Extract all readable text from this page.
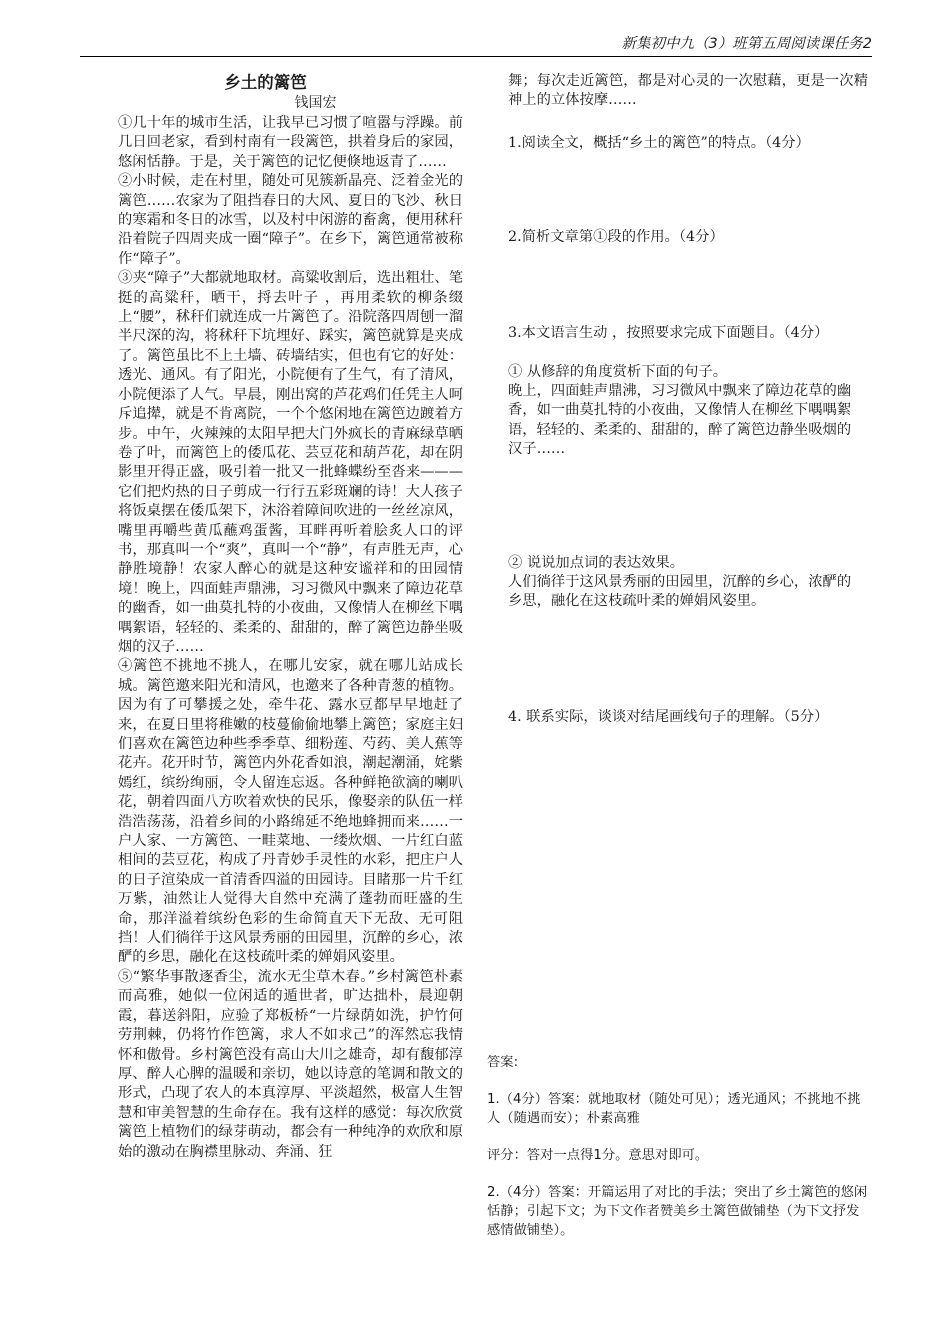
新集初中九（3）班第五周阅读课任务2

乡土的篱笆

钱国宏

①几十年的城市生活，让我早已习惯了喧嚣与浮躁。前几日回老家，看到村南有一段篱笆，拱着身后的家园，悠闲恬静。于是，关于篱笆的记忆便倏地返青了……

②小时候，走在村里，随处可见簇新晶亮、泛着金光的篱笆……农家为了阻挡春日的大风、夏日的飞沙、秋日的寒霜和冬日的冰雪，以及村中闲游的畜禽，便用秫秆沿着院子四周夹成一圈“障子”。在乡下，篱笆通常被称作“障子”。

③夹“障子”大都就地取材。高粱收割后，选出粗壮、笔挺的高粱秆，晒干，捋去叶子 ，再用柔软的柳条缀上“腰”，秫秆们就连成一片篱笆了。沿院落四周刨一溜半尺深的沟，将秫秆下坑埋好、踩实，篱笆就算是夹成了。篱笆虽比不上土墙、砖墙结实，但也有它的好处：透光、通风。有了阳光，小院便有了生气，有了清风，小院便添了人气。早晨，刚出窝的芦花鸡们任凭主人呵斥追撵，就是不肯离院，一个个悠闲地在篱笆边踱着方步。中午，火辣辣的太阳早把大门外疯长的青麻绿草晒卷了叶，而篱笆上的倭瓜花、芸豆花和葫芦花，却在阴影里开得正盛，吸引着一批又一批蜂蝶纷至沓来———它们把灼热的日子剪成一行行五彩斑斓的诗！大人孩子将饭桌摆在倭瓜架下，沐浴着障间吹进的一丝丝凉风，嘴里再嚼些黄瓜蘸鸡蛋酱，耳畔再听着脍炙人口的评书，那真叫一个“爽”，真叫一个“静”，有声胜无声，心静胜境静！农家人醉心的就是这种安谧祥和的田园情境！晚上，四面蛙声鼎沸，习习微风中飘来了障边花草的幽香，如一曲莫扎特的小夜曲，又像情人在柳丝下喁喁絮语，轻轻的、柔柔的、甜甜的，醉了篱笆边静坐吸烟的汉子……

④篱笆不挑地不挑人，在哪儿安家，就在哪儿站成长城。篱笆邀来阳光和清风，也邀来了各种青葱的植物。因为有了可攀援之处，牵牛花、露水豆都早早地赶了来，在夏日里将稚嫩的枝蔓偷偷地攀上篱笆；家庭主妇们喜欢在篱笆边种些季季草、细粉莲、芍药、美人蕉等花卉。花开时节，篱笆内外花香如浪，潮起潮涌，姹紫嫣红，缤纷绚丽，令人留连忘返。各种鲜艳欲滴的喇叭花，朝着四面八方吹着欢快的民乐，像娶亲的队伍一样浩浩荡荡，沿着乡间的小路绵延不绝地蜂拥而来……一户人家、一方篱笆、一畦菜地、一缕炊烟、一片红白蓝相间的芸豆花，构成了丹青妙手灵性的水彩，把庄户人的日子渲染成一首清香四溢的田园诗。目睹那一片千红万紫，油然让人觉得大自然中充满了蓬勃而旺盛的生命，那洋溢着缤纷色彩的生命简直天下无敌、无可阻挡！人们徜徉于这风景秀丽的田园里，沉醉的乡心，浓酽的乡思，融化在这枝疏叶柔的婵娟风姿里。

⑤“繁华事散逐香尘，流水无尘草木春。”乡村篱笆朴素而高雅，她似一位闲适的遁世者，旷达拙朴，晨迎朝霞，暮送斜阳，应验了郑板桥“一片绿荫如洗，护竹何劳荆棘，仍将竹作笆篱，求人不如求己”的浑然忘我情怀和傲骨。乡村篱笆没有高山大川之雄奇，却有馥郁淳厚、醉人心脾的温暖和亲切，她以诗意的笔调和散文的形式，凸现了农人的本真淳厚、平淡超然，极富人生智慧和审美智慧的生命存在。我有这样的感觉：每次欣赏篱笆上植物们的绿芽萌动，都会有一种纯净的欢欣和原始的激动在胸襟里脉动、奔涌、狂

舞；每次走近篱笆，都是对心灵的一次慰藉，更是一次精神上的立体按摩……

1.阅读全文，概括“乡土的篱笆”的特点。（4分）

2.简析文章第①段的作用。（4分）

3.本文语言生动 ，按照要求完成下面题目。（4分）

① 从修辞的角度赏析下面的句子。

晚上，四面蛙声鼎沸，习习微风中飘来了障边花草的幽香，如一曲莫扎特的小夜曲，又像情人在柳丝下喁喁絮语，轻轻的、柔柔的、甜甜的，醉了篱笆边静坐吸烟的汉子……

② 说说加点词的表达效果。

人们徜徉于这风景秀丽的田园里，沉醉的乡心，浓酽的乡思，融化在这枝疏叶柔的婵娟风姿里。

4. 联系实际，谈谈对结尾画线句子的理解。（5分）

答案:

1.（4分）答案：就地取材（随处可见）；透光通风；不挑地不挑人（随遇而安）；朴素高雅

评分：答对一点得1分。意思对即可。

2.（4分）答案：开篇运用了对比的手法；突出了乡土篱笆的悠闲恬静；引起下文；为下文作者赞美乡土篱笆做铺垫（为下文抒发感情做铺垫）。
